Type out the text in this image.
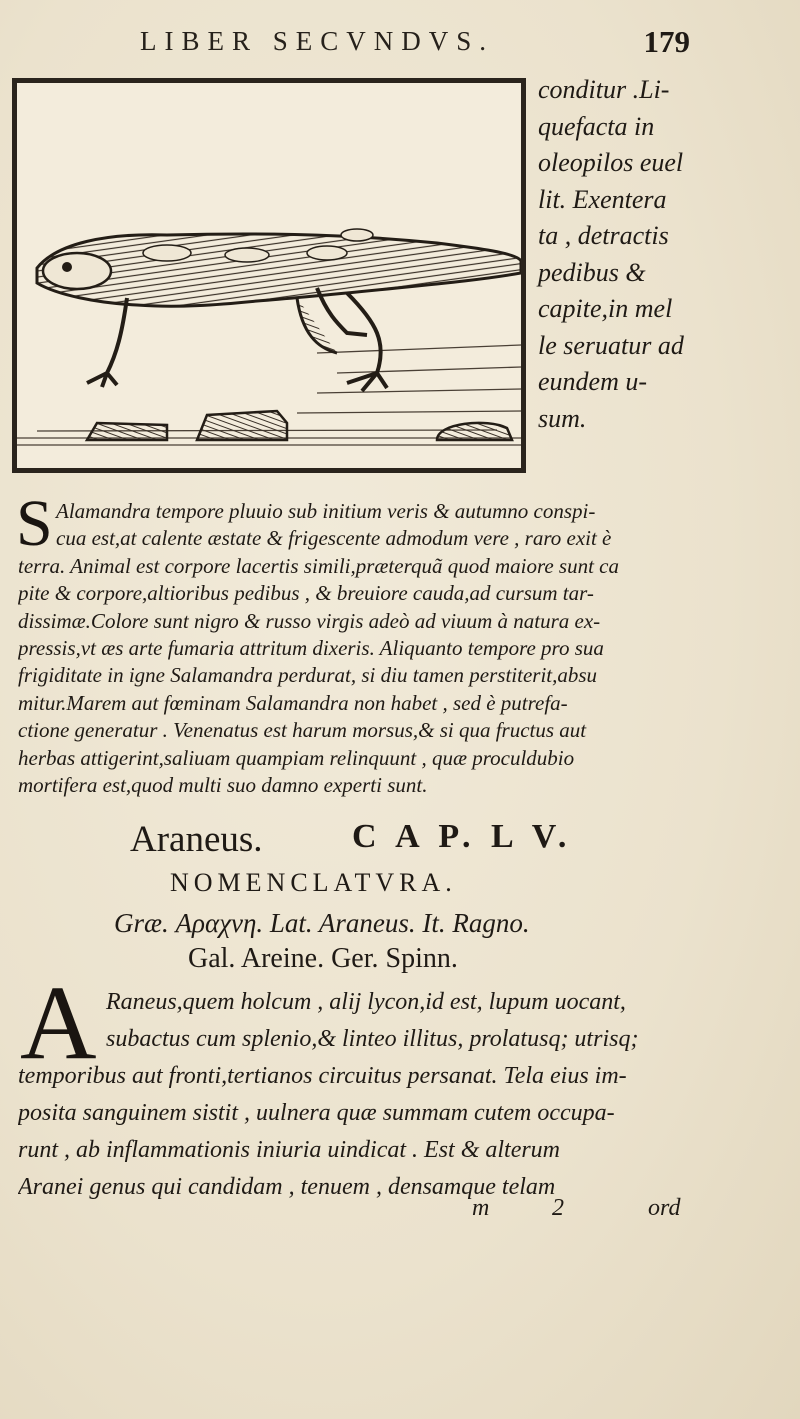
LIBER SECVNDVS.	179
conditur .Li-
quefacta in
oleopilos euel
lit. Exentera
ta , detractis
pedibus &
capite,in mel
le seruatur ad
eundem u-
sum.
S Alamandra tempore pluuio sub initium veris & autumno conspi-
cua est,at calente æstate & frigescente admodum vere , raro exit è
terra. Animal est corpore lacertis simili,præterquã quod maiore sunt ca
pite & corpore,altioribus pedibus , & breuiore cauda,ad cursum tar-
dissimæ.Colore sunt nigro & russo virgis adeò ad viuum à natura ex-
pressis,vt æs arte fumaria attritum dixeris. Aliquanto tempore pro sua
frigiditate in igne Salamandra perdurat, si diu tamen perstiterit,absu
mitur.Marem aut fœminam Salamandra non habet , sed è putrefa-
ctione generatur . Venenatus est harum morsus,& si qua fructus aut
herbas attigerint,saliuam quampiam relinquunt , quæ proculdubio
mortifera est,quod multi suo damno experti sunt.
Araneus.	C A P. L V.
NOMENCLATVRA.
Græ. Αραχνη. Lat. Araneus. It. Ragno.
Gal. Areine. Ger. Spinn.
A Raneus,quem holcum , alij lycon,id est, lupum uocant,
subactus cum splenio,& linteo illitus, prolatusq; utrisq;
temporibus aut fronti,tertianos circuitus persanat. Tela eius im-
posita sanguinem sistit , uulnera quæ summam cutem occupa-
runt , ab inflammationis iniuria uindicat . Est & alterum
Aranei genus qui candidam , tenuem , densamque telam
m	2	ord
